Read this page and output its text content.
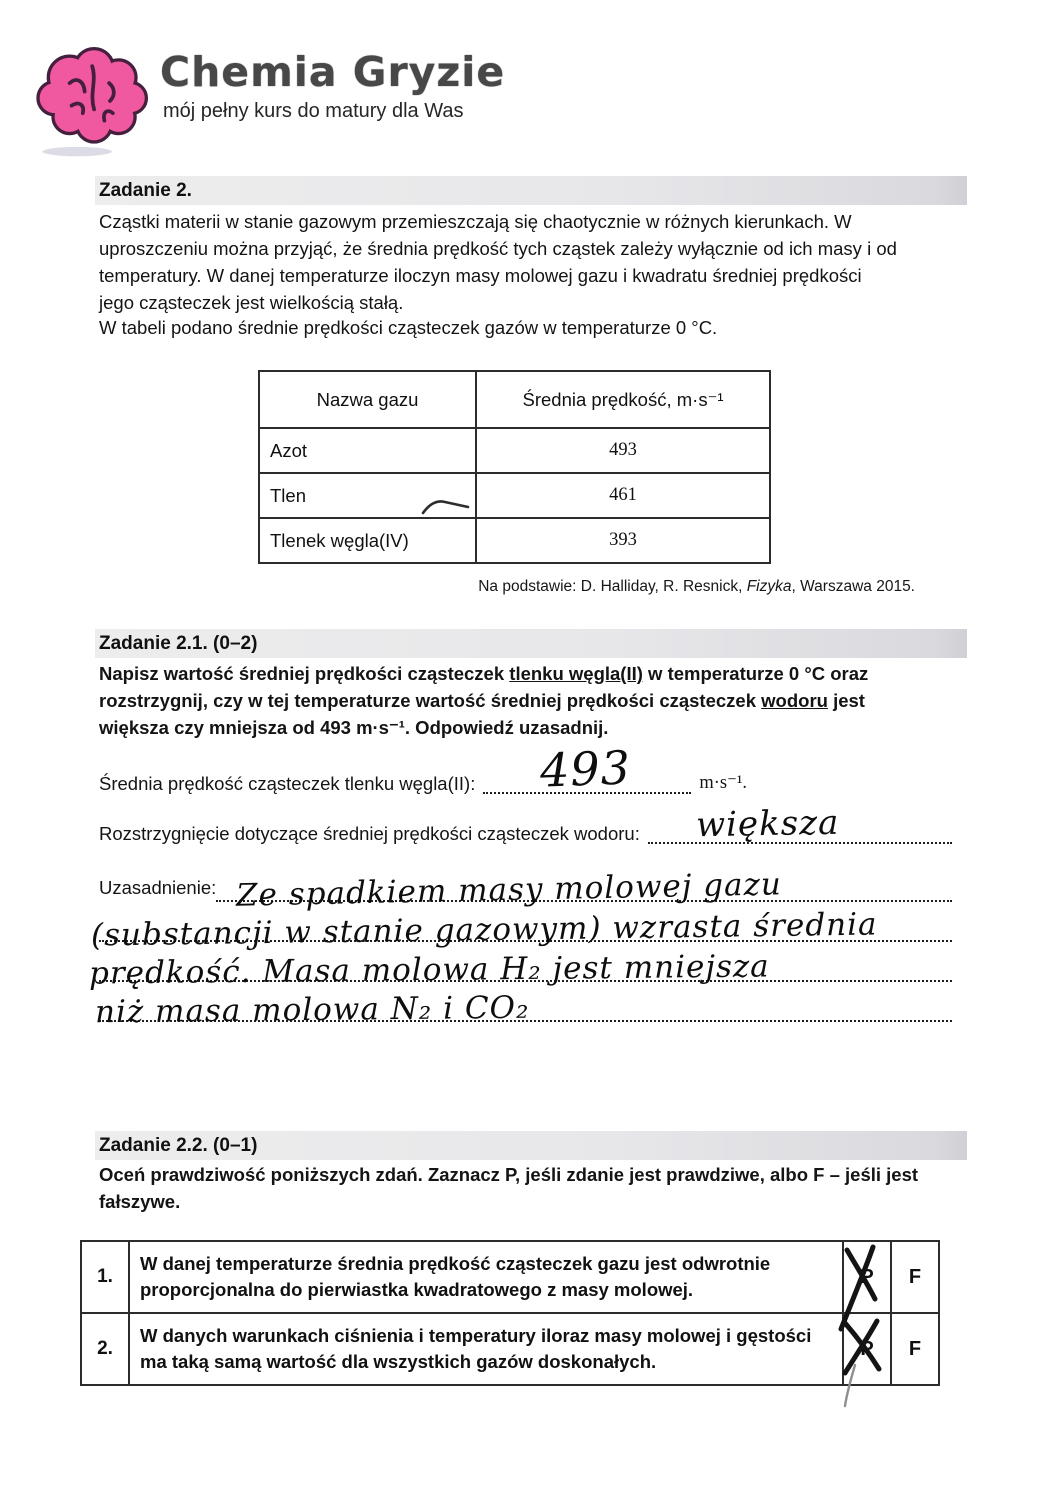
Chemia Gryzie
mój pełny kurs do matury dla Was
Zadanie 2.
Cząstki materii w stanie gazowym przemieszczają się chaotycznie w różnych kierunkach. W uproszczeniu można przyjąć, że średnia prędkość tych cząstek zależy wyłącznie od ich masy i od temperatury. W danej temperaturze iloczyn masy molowej gazu i kwadratu średniej prędkości jego cząsteczek jest wielkością stałą.
W tabeli podano średnie prędkości cząsteczek gazów w temperaturze 0 °C.
Nazwa gazu	Średnia prędkość, m·s⁻¹
Azot	493
Tlen	461
Tlenek węgla(IV)	393
Na podstawie: D. Halliday, R. Resnick, Fizyka, Warszawa 2015.
Zadanie 2.1. (0–2)
Napisz wartość średniej prędkości cząsteczek tlenku węgla(II) w temperaturze 0 °C oraz rozstrzygnij, czy w tej temperaturze wartość średniej prędkości cząsteczek wodoru jest większa czy mniejsza od 493 m·s⁻¹. Odpowiedź uzasadnij.
Średnia prędkość cząsteczek tlenku węgla(II):	m·s⁻¹.
493
Rozstrzygnięcie dotyczące średniej prędkości cząsteczek wodoru: większa
Uzasadnienie: Ze spadkiem masy molowej gazu
(substancji w stanie gazowym) wzrasta średnia
prędkość. Masa molowa H₂ jest mniejsza
niż masa molowa N₂ i CO₂
Zadanie 2.2. (0–1)
Oceń prawdziwość poniższych zdań. Zaznacz P, jeśli zdanie jest prawdziwe, albo F – jeśli jest fałszywe.
1.	W danej temperaturze średnia prędkość cząsteczek gazu jest odwrotnie proporcjonalna do pierwiastka kwadratowego z masy molowej.	P	F
2.	W danych warunkach ciśnienia i temperatury iloraz masy molowej i gęstości ma taką samą wartość dla wszystkich gazów doskonałych.	P	F
